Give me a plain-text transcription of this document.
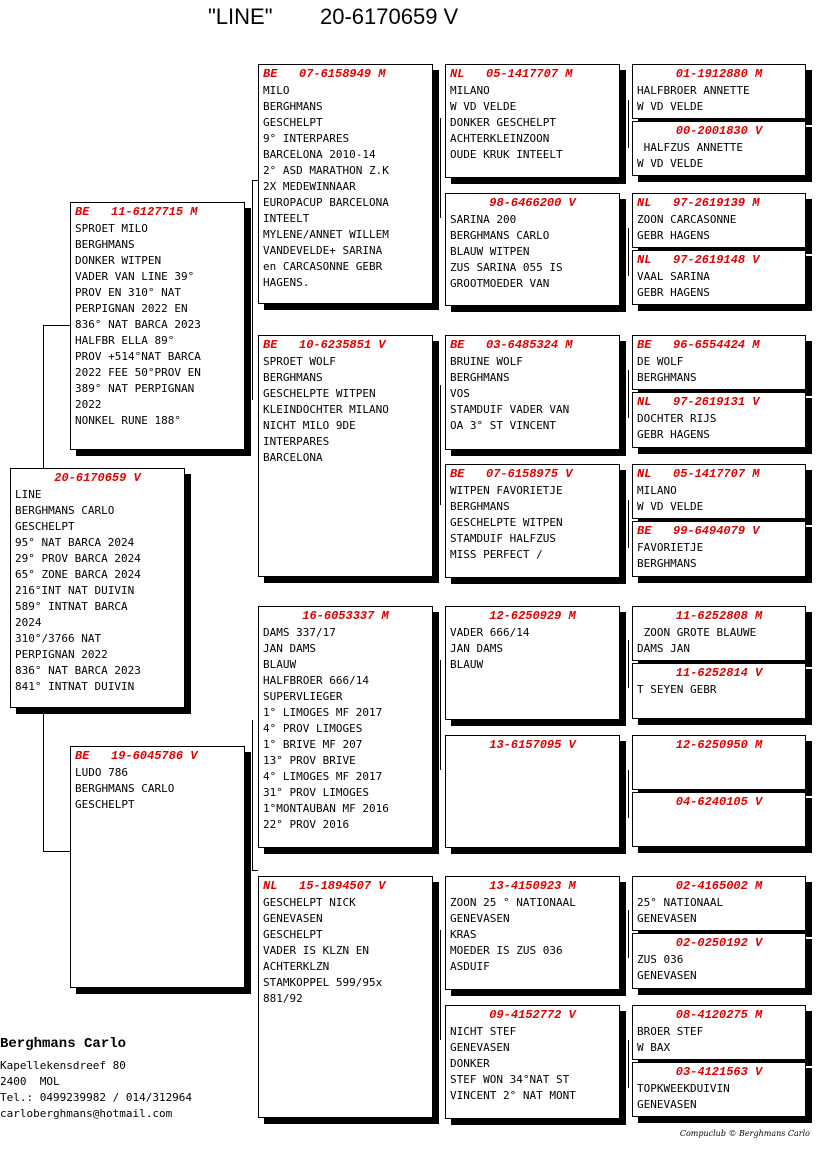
"LINE" 20-6170659 V
20-6170659 V
LINE
BERGHMANS CARLO
GESCHELPT
95° NAT BARCA 2024
29° PROV BARCA 2024
65° ZONE BARCA 2024
216°INT NAT DUIVIN
589° INTNAT BARCA
2024
310°/3766 NAT
PERPIGNAN 2022
836° NAT BARCA 2023
841° INTNAT DUIVIN
BE   11-6127715 M
SPROET MILO
BERGHMANS
DONKER WITPEN
VADER VAN LINE 39°
PROV EN 310° NAT
PERPIGNAN 2022 EN
836° NAT BARCA 2023
HALFBR ELLA 89°
PROV +514°NAT BARCA
2022 FEE 50°PROV EN
389° NAT PERPIGNAN
2022
NONKEL RUNE 188°
BE   19-6045786 V
LUDO 786
BERGHMANS CARLO
GESCHELPT
BE   07-6158949 M
MILO
BERGHMANS
GESCHELPT
9° INTERPARES
BARCELONA 2010-14
2° ASD MARATHON Z.K
2X MEDEWINNAAR
EUROPACUP BARCELONA
INTEELT
MYLENE/ANNET WILLEM
VANDEVELDE+ SARINA
en CARCASONNE GEBR
HAGENS.
BE   10-6235851 V
SPROET WOLF
BERGHMANS
GESCHELPTE WITPEN
KLEINDOCHTER MILANO
NICHT MILO 9DE
INTERPARES
BARCELONA
16-6053337 M
DAMS 337/17
JAN DAMS
BLAUW
HALFBROER 666/14
SUPERVLIEGER
1° LIMOGES MF 2017
4° PROV LIMOGES
1° BRIVE MF 207
13° PROV BRIVE
4° LIMOGES MF 2017
31° PROV LIMOGES
1°MONTAUBAN MF 2016
22° PROV 2016
NL   15-1894507 V
GESCHELPT NICK
GENEVASEN
GESCHELPT
VADER IS KLZN EN
ACHTERKLZN
STAMKOPPEL 599/95x
881/92
NL   05-1417707 M
MILANO
W VD VELDE
DONKER GESCHELPT
ACHTERKLEINZOON
OUDE KRUK INTEELT
98-6466200 V
SARINA 200
BERGHMANS CARLO
BLAUW WITPEN
ZUS SARINA 055 IS
GROOTMOEDER VAN
BE   03-6485324 M
BRUINE WOLF
BERGHMANS
VOS
STAMDUIF VADER VAN
OA 3° ST VINCENT
BE   07-6158975 V
WITPEN FAVORIETJE
BERGHMANS
GESCHELPTE WITPEN
STAMDUIF HALFZUS
MISS PERFECT /
12-6250929 M
VADER 666/14
JAN DAMS
BLAUW
13-6157095 V
13-4150923 M
ZOON 25 ° NATIONAAL
GENEVASEN
KRAS
MOEDER IS ZUS 036
ASDUIF
09-4152772 V
NICHT STEF
GENEVASEN
DONKER
STEF WON 34°NAT ST
VINCENT 2° NAT MONT
01-1912880 M
HALFBROER ANNETTE
W VD VELDE
00-2001830 V
HALFZUS ANNETTE
W VD VELDE
NL   97-2619139 M
ZOON CARCASONNE
GEBR HAGENS
NL   97-2619148 V
VAAL SARINA
GEBR HAGENS
BE   96-6554424 M
DE WOLF
BERGHMANS
NL   97-2619131 V
DOCHTER RIJS
GEBR HAGENS
NL   05-1417707 M
MILANO
W VD VELDE
BE   99-6494079 V
FAVORIETJE
BERGHMANS
11-6252808 M
ZOON GROTE BLAUWE
DAMS JAN
11-6252814 V
T SEYEN GEBR
12-6250950 M
04-6240105 V
02-4165002 M
25° NATIONAAL
GENEVASEN
02-0250192 V
ZUS 036
GENEVASEN
08-4120275 M
BROER STEF
W BAX
03-4121563 V
TOPKWEEKDUIVIN
GENEVASEN
Berghmans Carlo
Kapellekensdreef 80
2400  MOL
Tel.: 0499239982 / 014/312964
carloberghmans@hotmail.com
Compuclub © Berghmans Carlo
